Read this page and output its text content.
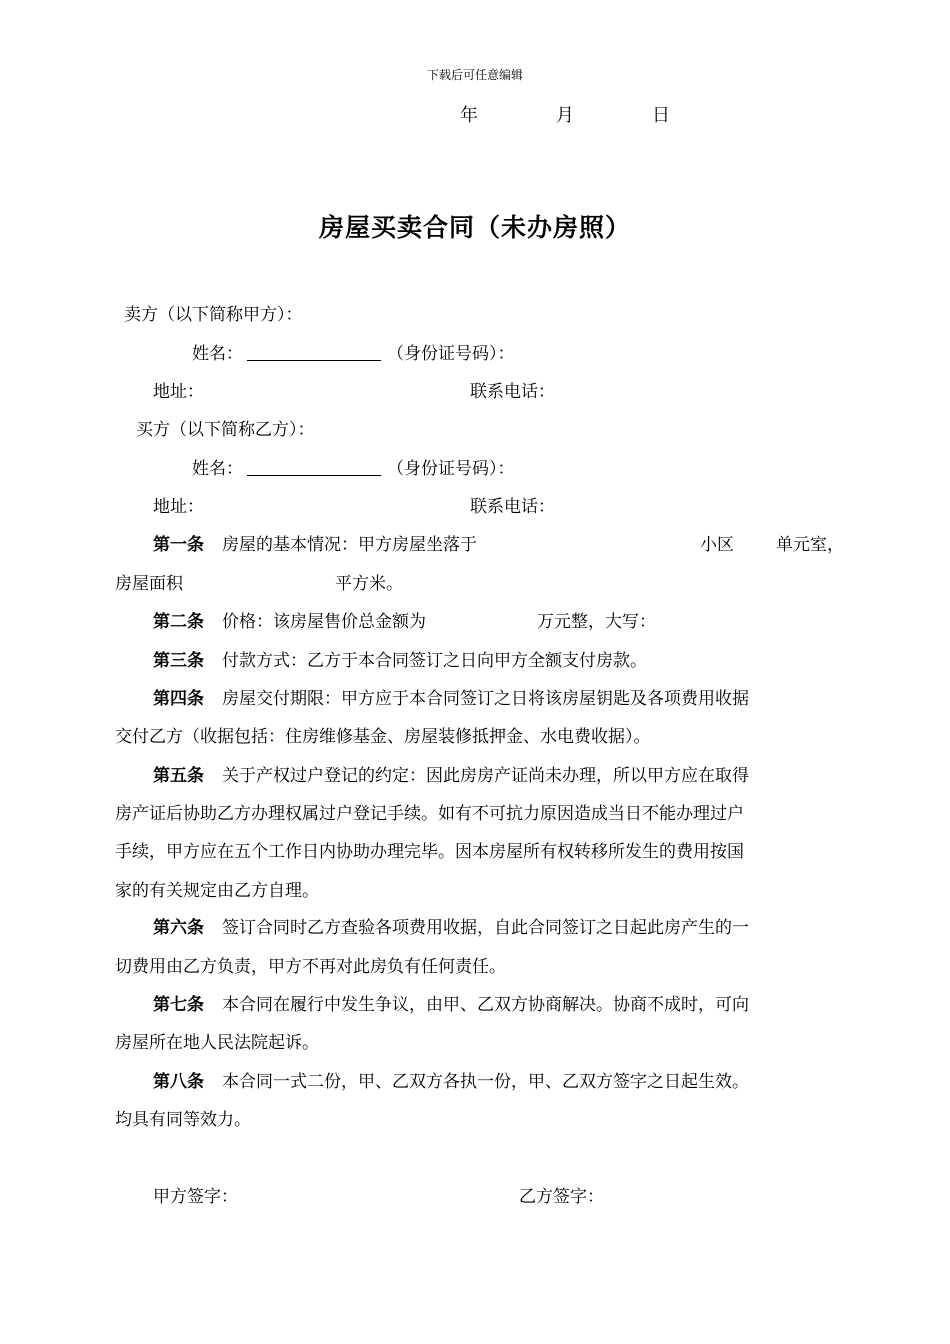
下载后可任意编辑
年	月	日
房屋买卖合同（未办房照）
卖方（以下简称甲方）：
姓名：	（身份证号码）：
地址：	联系电话：
买方（以下简称乙方）：
姓名：	（身份证号码）：
地址：	联系电话：
第一条 房屋的基本情况：甲方房屋坐落于	小区 单元室，
房屋面积	平方米。
第二条 价格：该房屋售价总金额为	万元整，大写：
第三条 付款方式：乙方于本合同签订之日向甲方全额支付房款。
第四条 房屋交付期限：甲方应于本合同签订之日将该房屋钥匙及各项费用收据
交付乙方（收据包括：住房维修基金、房屋装修抵押金、水电费收据）。
第五条 关于产权过户登记的约定：因此房房产证尚未办理，所以甲方应在取得
房产证后协助乙方办理权属过户登记手续。如有不可抗力原因造成当日不能办理过户
手续，甲方应在五个工作日内协助办理完毕。因本房屋所有权转移所发生的费用按国
家的有关规定由乙方自理。
第六条 签订合同时乙方查验各项费用收据，自此合同签订之日起此房产生的一
切费用由乙方负责，甲方不再对此房负有任何责任。
第七条 本合同在履行中发生争议，由甲、乙双方协商解决。协商不成时，可向
房屋所在地人民法院起诉。
第八条 本合同一式二份，甲、乙双方各执一份，甲、乙双方签字之日起生效。
均具有同等效力。
甲方签字：	乙方签字：
